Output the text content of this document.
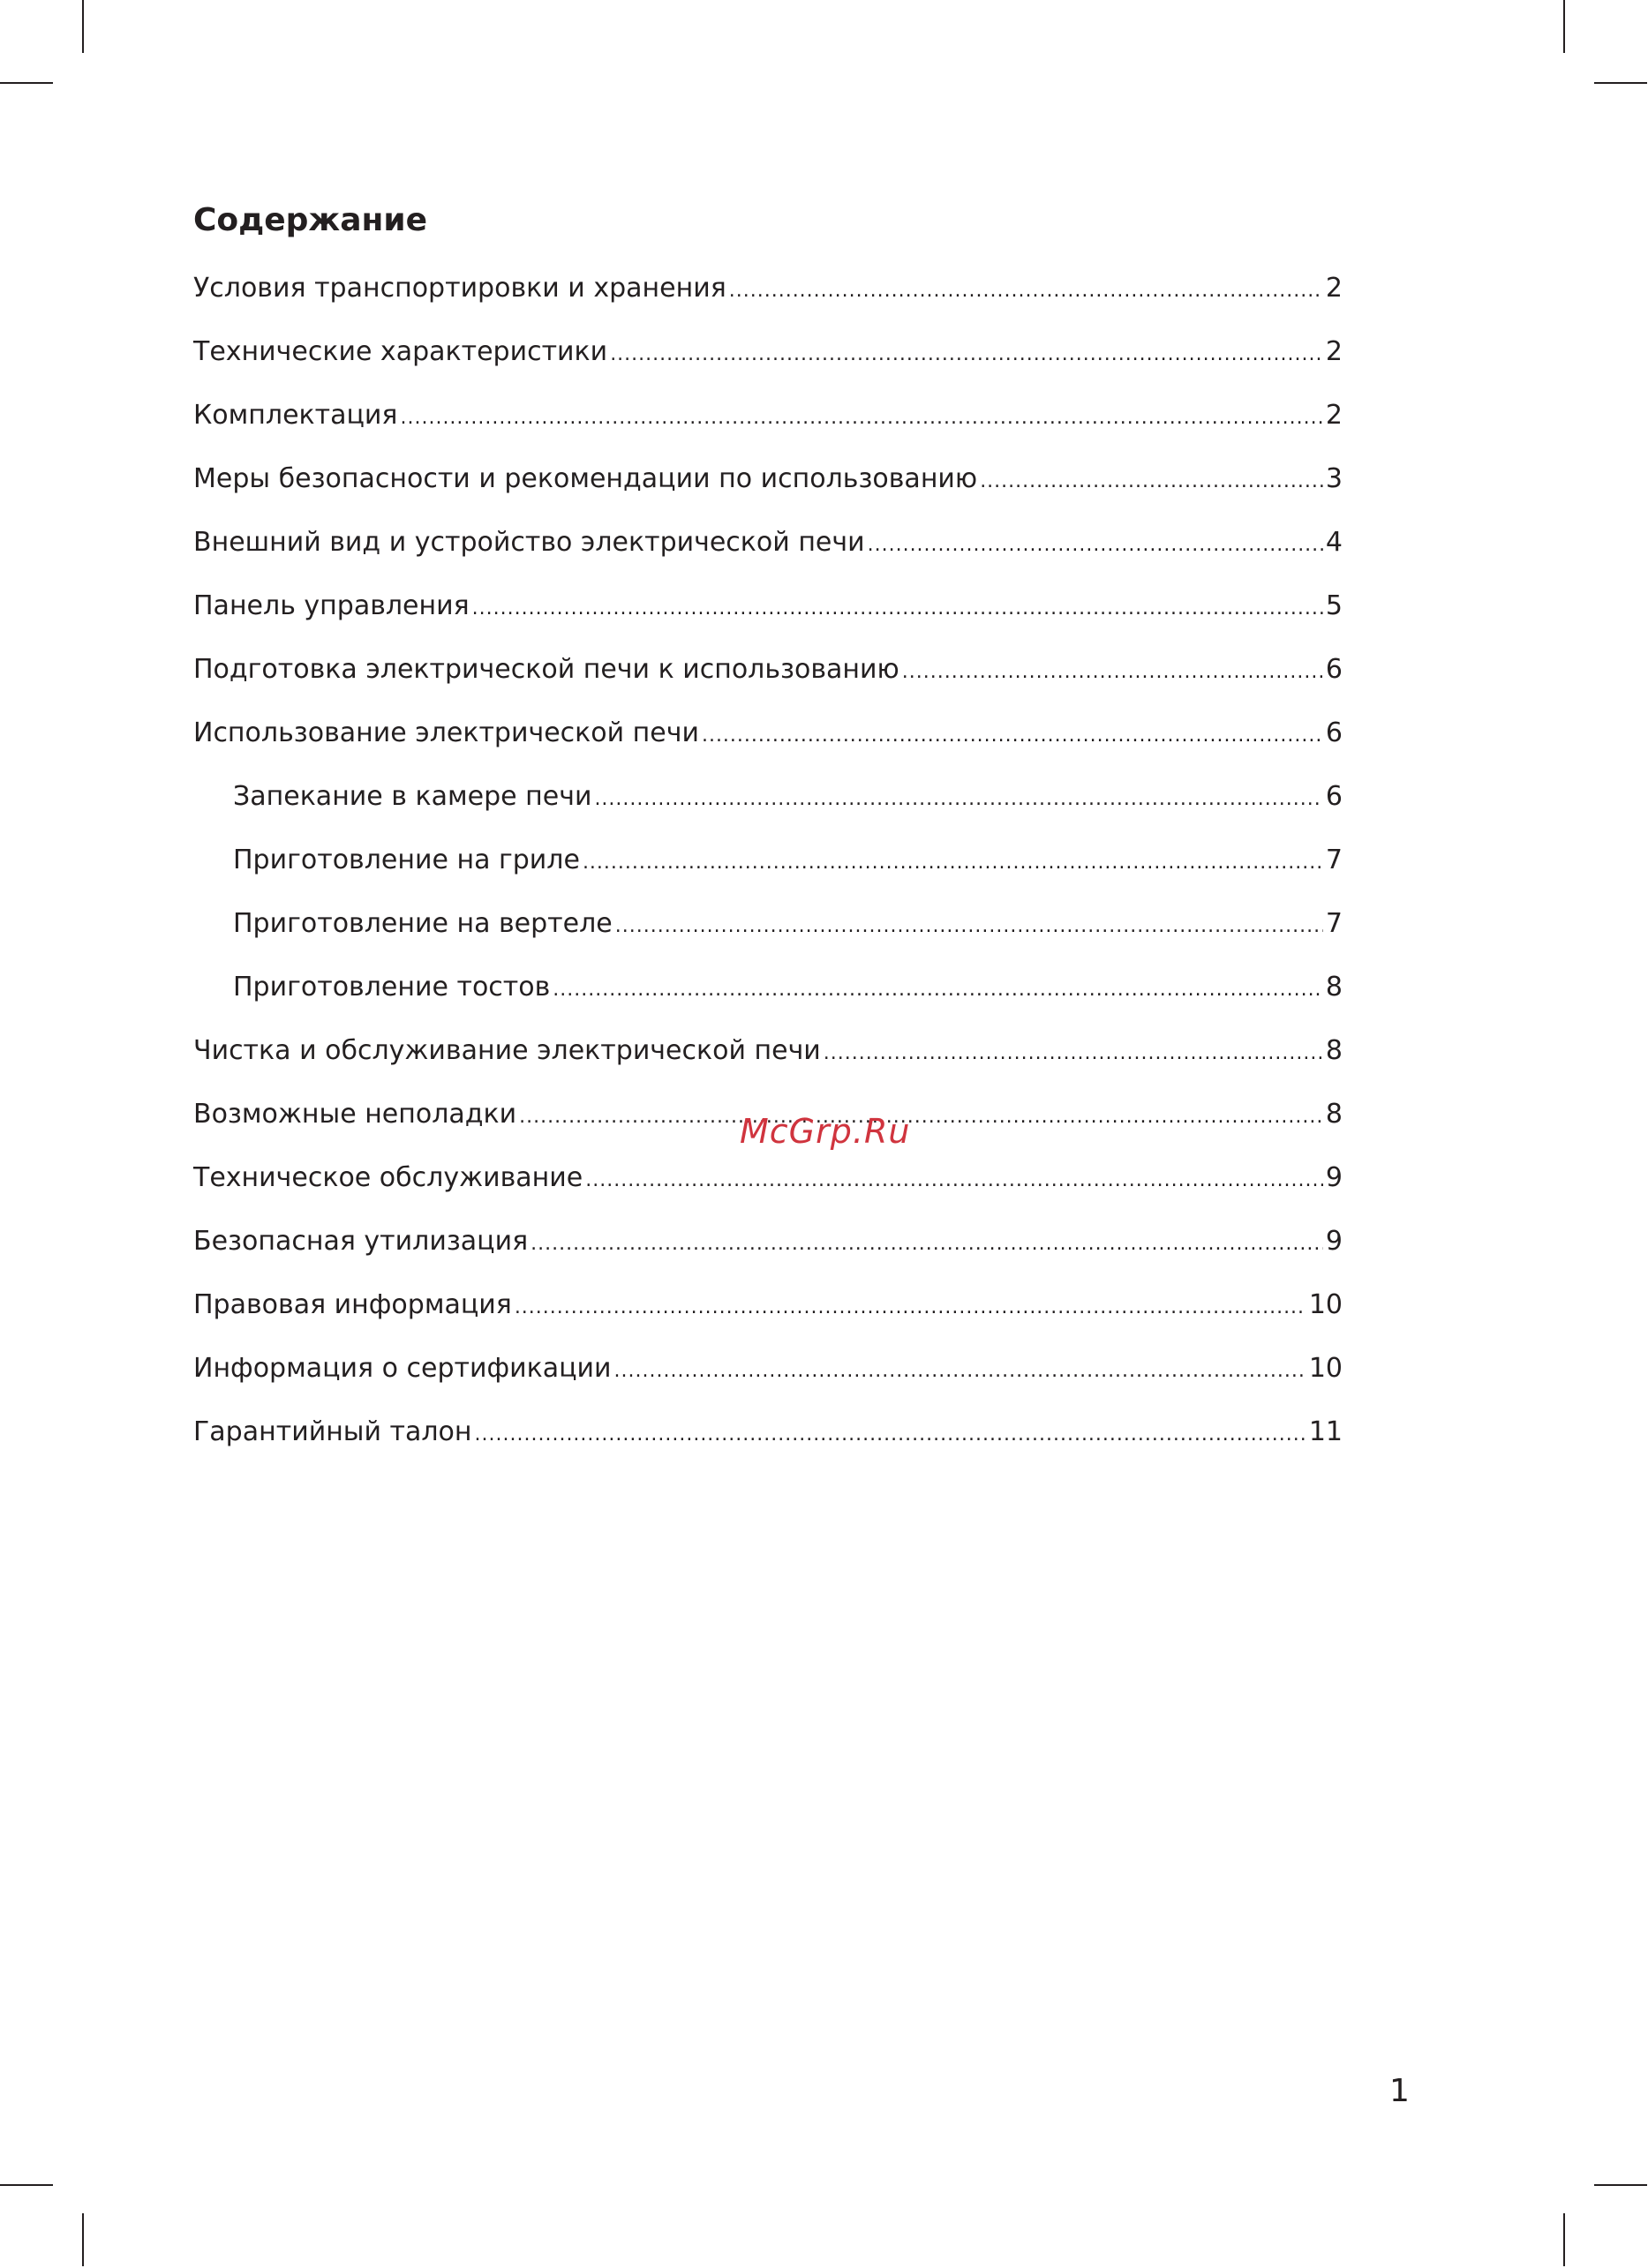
Содержание
Условия транспортировки и хранения .....	2
Технические характеристики .....	2
Комплектация .....	2
Меры безопасности и рекомендации по использованию .....	3
Внешний вид и устройство электрической печи .....	4
Панель управления .....	5
Подготовка электрической печи к использованию .....	6
Использование электрической печи .....	6
Запекание в камере печи .....	6
Приготовление на гриле .....	7
Приготовление на вертеле .....	7
Приготовление тостов .....	8
Чистка и обслуживание электрической печи .....	8
Возможные неполадки .....	8
Техническое обслуживание .....	9
Безопасная утилизация .....	9
Правовая информация .....	10
Информация о сертификации .....	10
Гарантийный талон .....	11
McGrp.Ru
1
